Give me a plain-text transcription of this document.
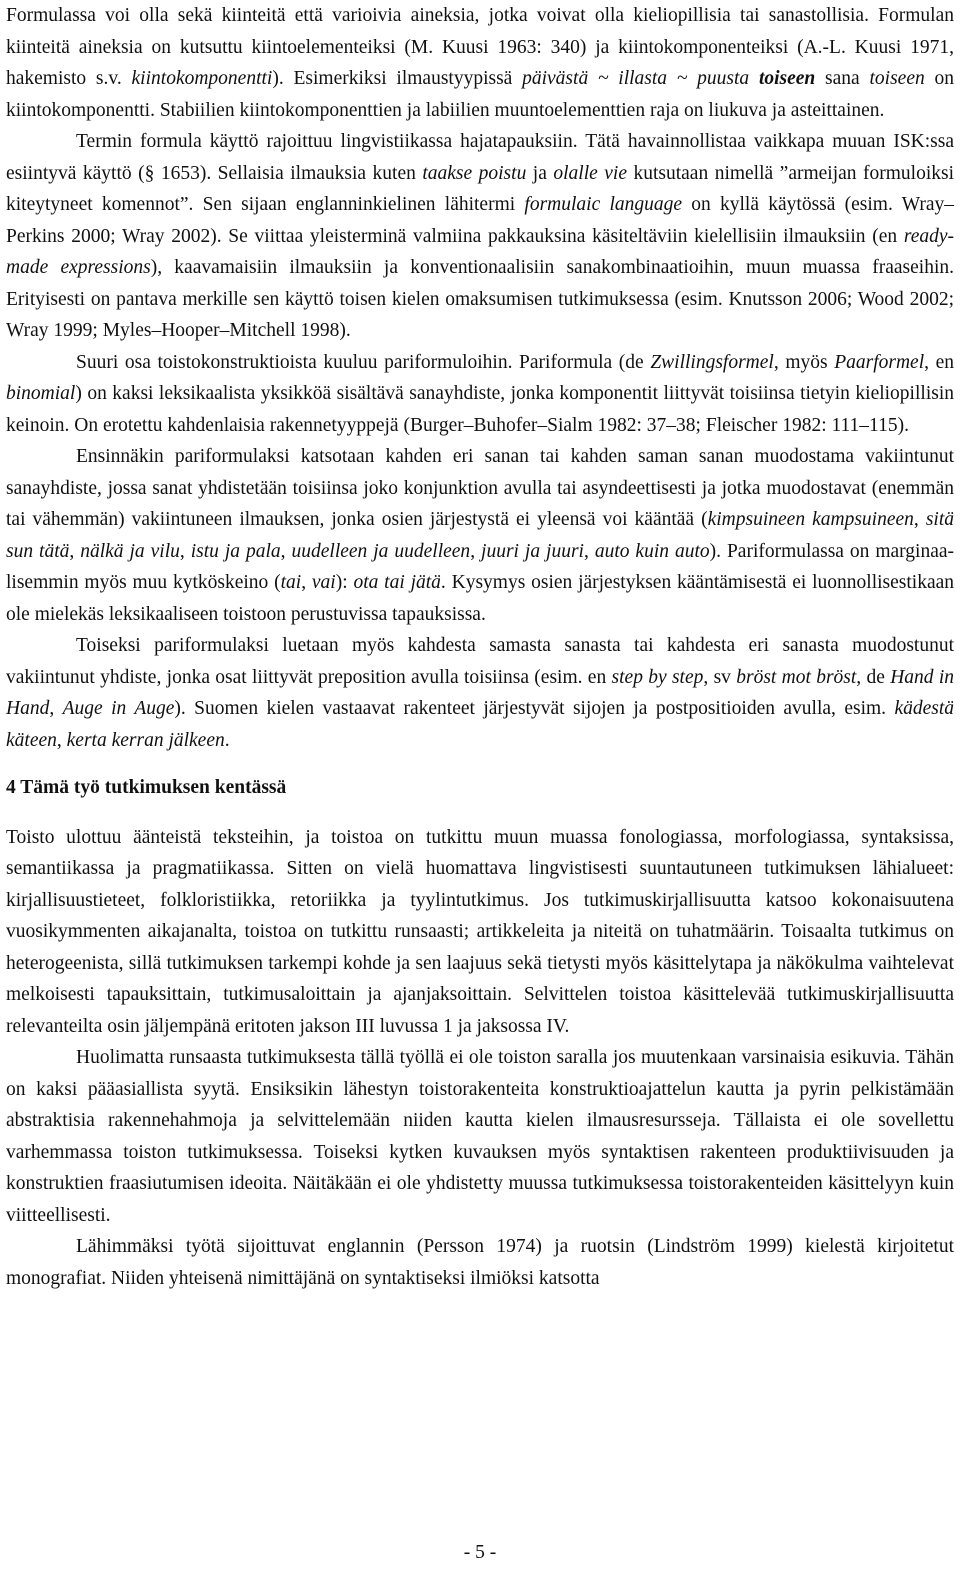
Formulassa voi olla sekä kiinteitä että varioivia aineksia, jotka voivat olla kieliopillisia tai sanastollisia. Formulan kiinteitä aineksia on kutsuttu kiintoelementeiksi (M. Kuusi 1963: 340) ja kiintokomponenteiksi (A.-L. Kuusi 1971, hakemisto s.v. kiintokomponentti). Esimerkiksi ilmaustyypissä päivästä ~ illasta ~ puusta toiseen sana toiseen on kiintokomponentti. Stabiilien kiintokomponenttien ja labiilien muuntoelementtien raja on liukuva ja asteittainen.

Termin formula käyttö rajoittuu lingvistiikassa hajatapauksiin. Tätä havainnollistaa vaikkapa muuan ISK:ssa esiintyvä käyttö (§ 1653). Sellaisia ilmauksia kuten taakse poistu ja olalle vie kutsutaan nimellä ”armeijan formuloiksi kiteytyneet komennot”. Sen sijaan englanninkielinen lähitermi formulaic language on kyllä käytössä (esim. Wray–Perkins 2000; Wray 2002). Se viittaa yleisterminä valmiina pakkauksina käsiteltäviin kielellisiin ilmauksiin (en ready-made expressions), kaavamaisiin ilmauksiin ja konventionaalisiin sanakombinaatioihin, muun muassa fraaseihin. Erityisesti on pantava merkille sen käyttö toisen kielen omaksumisen tutkimuksessa (esim. Knutsson 2006; Wood 2002; Wray 1999; Myles–Hooper–Mitchell 1998).

Suuri osa toistokonstruktioista kuuluu pariformuloihin. Pariformula (de Zwillingsformel, myös Paarformel, en binomial) on kaksi leksikaalista yksikköä sisältävä sanayhdiste, jonka komponentit liittyvät toisiinsa tietyin kieliopillisin keinoin. On erotettu kahdenlaisia rakennetyyppejä (Burger–Buhofer–Sialm 1982: 37–38; Fleischer 1982: 111–115).

Ensinnäkin pariformulaksi katsotaan kahden eri sanan tai kahden saman sanan muodostama vakiintunut sanayhdiste, jossa sanat yhdistetään toisiinsa joko konjunktion avulla tai asyndeettisesti ja jotka muodostavat (enemmän tai vähemmän) vakiintuneen ilmauksen, jonka osien järjestystä ei yleensä voi kääntää (kimpsuineen kampsuineen, sitä sun tätä, nälkä ja vilu, istu ja pala, uudelleen ja uudelleen, juuri ja juuri, auto kuin auto). Pariformulassa on marginaalisemmin myös muu kytköskeino (tai, vai): ota tai jätä. Kysymys osien järjestyksen kääntämisestä ei luonnollisestikaan ole mielekäs leksikaaliseen toistoon perustuvissa tapauksissa.

Toiseksi pariformulaksi luetaan myös kahdesta samasta sanasta tai kahdesta eri sanasta muodostunut vakiintunut yhdiste, jonka osat liittyvät preposition avulla toisiinsa (esim. en step by step, sv bröst mot bröst, de Hand in Hand, Auge in Auge). Suomen kielen vastaavat rakenteet järjestyvät sijojen ja postpositioiden avulla, esim. kädestä käteen, kerta kerran jälkeen.

4 Tämä työ tutkimuksen kentässä

Toisto ulottuu äänteistä teksteihin, ja toistoa on tutkittu muun muassa fonologiassa, morfologiassa, syntaksissa, semantiikassa ja pragmatiikassa. Sitten on vielä huomattava lingvistisesti suuntautuneen tutkimuksen lähialueet: kirjallisuustieteet, folkloristiikka, retoriikka ja tyylintutkimus. Jos tutkimuskirjallisuutta katsoo kokonaisuutena vuosikymmenten aikajanalta, toistoa on tutkittu runsaasti; artikkeleita ja niteitä on tuhatmäärin. Toisaalta tutkimus on heterogeenista, sillä tutkimuksen tarkempi kohde ja sen laajuus sekä tietysti myös käsittelytapa ja näkökulma vaihtelevat melkoisesti tapauksittain, tutkimusaloittain ja ajanjaksoittain. Selvittelen toistoa käsittelevää tutkimuskirjallisuutta relevanteilta osin jäljempänä eritoten jakson III luvussa 1 ja jaksossa IV.

Huolimatta runsaasta tutkimuksesta tällä työllä ei ole toiston saralla jos muutenkaan varsinaisia esikuvia. Tähän on kaksi pääasiallista syytä. Ensiksikin lähestyn toistorakenteita konstruktioajattelun kautta ja pyrin pelkistämään abstraktisia rakennehahmoja ja selvittelemään niiden kautta kielen ilmausresursseja. Tällaista ei ole sovellettu varhemmassa toiston tutkimuksessa. Toiseksi kytken kuvauksen myös syntaktisen rakenteen produktiivisuuden ja konstruktien fraasiutumisen ideoita. Näitäkään ei ole yhdistetty muussa tutkimuksessa toistorakenteiden käsittelyyn kuin viitteellisesti.

Lähimmäksi työtä sijoittuvat englannin (Persson 1974) ja ruotsin (Lindström 1999) kielestä kirjoitetut monografiat. Niiden yhteisenä nimittäjänä on syntaktiseksi ilmiöksi katsotta

- 5 -
